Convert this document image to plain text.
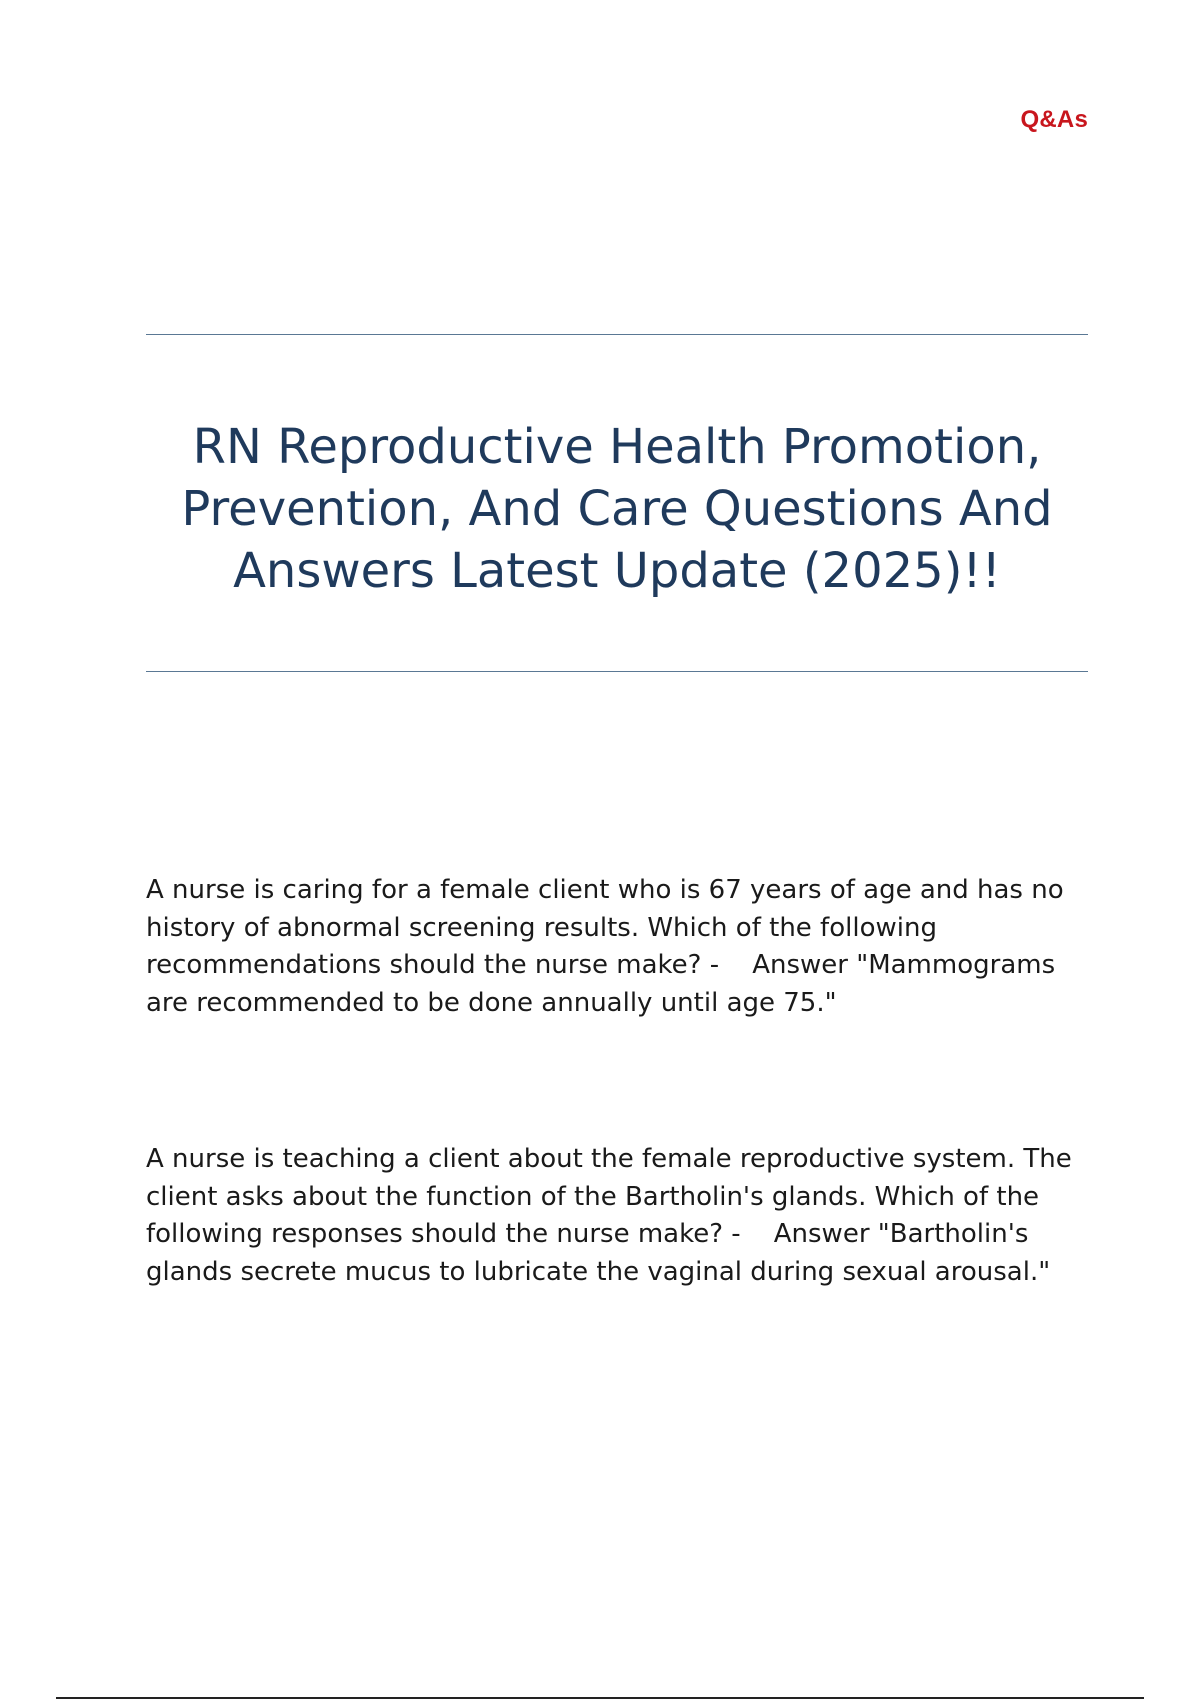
Q&As
RN Reproductive Health Promotion, Prevention, And Care Questions And Answers Latest Update (2025)!!

A nurse is caring for a female client who is 67 years of age and has no history of abnormal screening results. Which of the following recommendations should the nurse make? -    Answer "Mammograms are recommended to be done annually until age 75."

A nurse is teaching a client about the female reproductive system. The client asks about the function of the Bartholin's glands. Which of the following responses should the nurse make? -    Answer "Bartholin's glands secrete mucus to lubricate the vaginal during sexual arousal."
